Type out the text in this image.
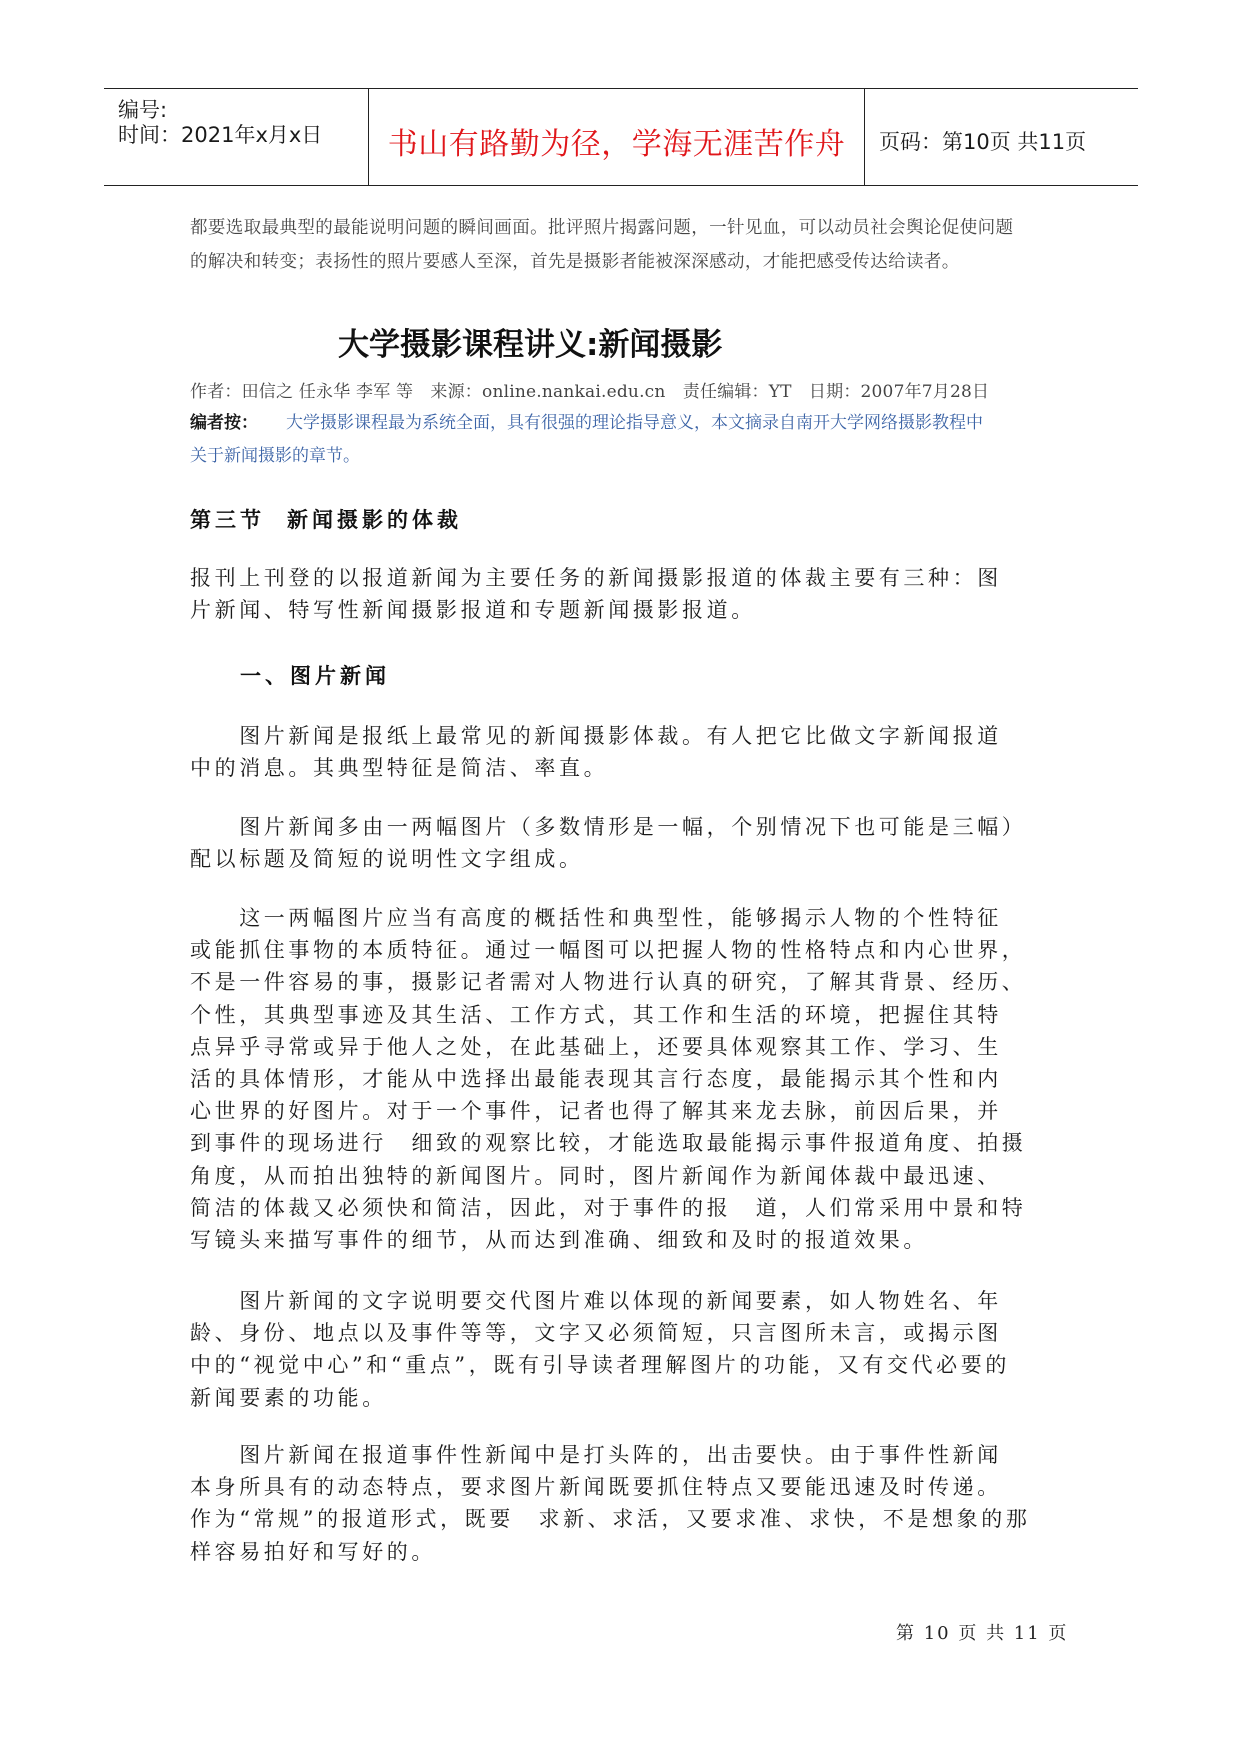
编号:
时间：2021年x月x日	书山有路勤为径，学海无涯苦作舟	页码：第10页 共11页
都要选取最典型的最能说明问题的瞬间画面。批评照片揭露问题，一针见血，可以动员社会舆论促使问题
的解决和转变；表扬性的照片要感人至深，首先是摄影者能被深深感动，才能把感受传达给读者。
大学摄影课程讲义:新闻摄影
作者：田信之 任永华 李军 等　来源：online.nankai.edu.cn　责任编辑：YT　日期：2007年7月28日
编者按： 大学摄影课程最为系统全面，具有很强的理论指导意义，本文摘录自南开大学网络摄影教程中
关于新闻摄影的章节。
第三节 新闻摄影的体裁

报刊上刊登的以报道新闻为主要任务的新闻摄影报道的体裁主要有三种：图

片新闻、特写性新闻摄影报道和专题新闻摄影报道。

一、图片新闻

　　图片新闻是报纸上最常见的新闻摄影体裁。有人把它比做文字新闻报道

中的消息。其典型特征是简洁、率直。

　　图片新闻多由一两幅图片（多数情形是一幅，个别情况下也可能是三幅）

配以标题及简短的说明性文字组成。

　　这一两幅图片应当有高度的概括性和典型性，能够揭示人物的个性特征

或能抓住事物的本质特征。通过一幅图可以把握人物的性格特点和内心世界，

不是一件容易的事，摄影记者需对人物进行认真的研究，了解其背景、经历、

个性，其典型事迹及其生活、工作方式，其工作和生活的环境，把握住其特

点异乎寻常或异于他人之处，在此基础上，还要具体观察其工作、学习、生

活的具体情形，才能从中选择出最能表现其言行态度，最能揭示其个性和内

心世界的好图片。对于一个事件，记者也得了解其来龙去脉，前因后果，并

到事件的现场进行　细致的观察比较，才能选取最能揭示事件报道角度、拍摄

角度，从而拍出独特的新闻图片。同时，图片新闻作为新闻体裁中最迅速、

简洁的体裁又必须快和简洁，因此，对于事件的报　道，人们常采用中景和特

写镜头来描写事件的细节，从而达到准确、细致和及时的报道效果。

　　图片新闻的文字说明要交代图片难以体现的新闻要素，如人物姓名、年

龄、身份、地点以及事件等等，文字又必须简短，只言图所未言，或揭示图

中的“视觉中心”和“重点”，既有引导读者理解图片的功能，又有交代必要的

新闻要素的功能。

　　图片新闻在报道事件性新闻中是打头阵的，出击要快。由于事件性新闻

本身所具有的动态特点，要求图片新闻既要抓住特点又要能迅速及时传递。

作为“常规”的报道形式，既要　求新、求活，又要求准、求快，不是想象的那

样容易拍好和写好的。

第 10 页 共 11 页
